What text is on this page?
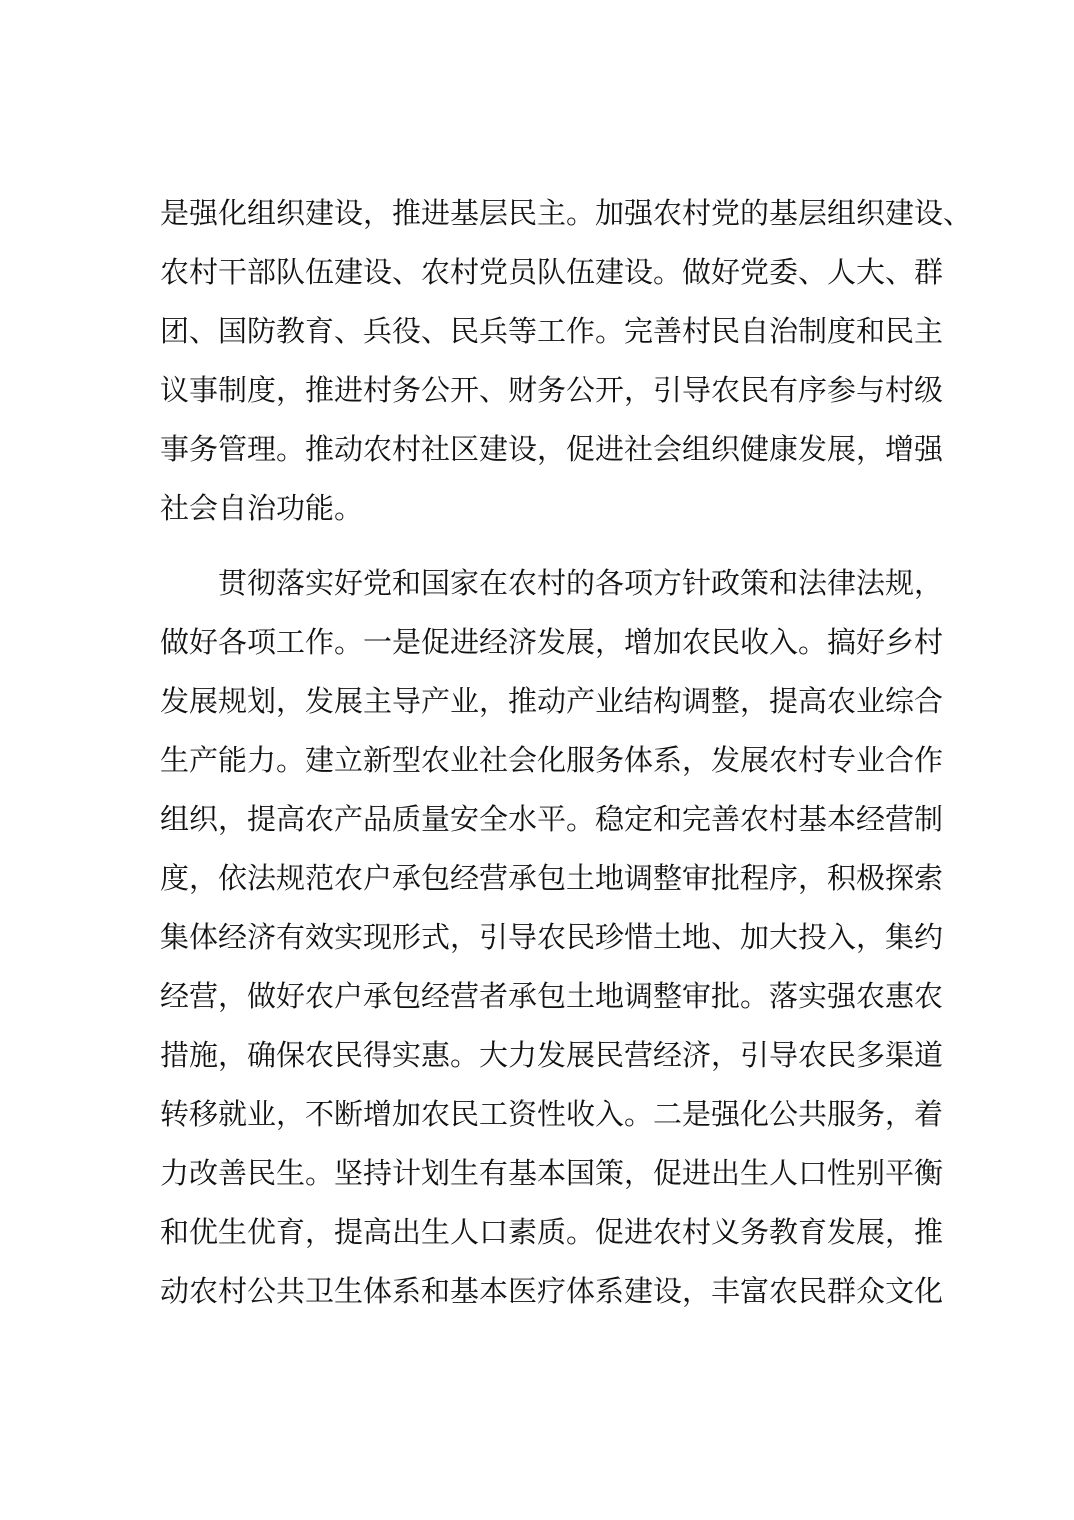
是强化组织建设，推进基层民主。加强农村党的基层组织建设、
农村干部队伍建设、农村党员队伍建设。做好党委、人大、群
团、国防教育、兵役、民兵等工作。完善村民自治制度和民主
议事制度，推进村务公开、财务公开，引导农民有序参与村级
事务管理。推动农村社区建设，促进社会组织健康发展，增强
社会自治功能。
贯彻落实好党和国家在农村的各项方针政策和法律法规，
做好各项工作。一是促进经济发展，增加农民收入。搞好乡村
发展规划，发展主导产业，推动产业结构调整，提高农业综合
生产能力。建立新型农业社会化服务体系，发展农村专业合作
组织，提高农产品质量安全水平。稳定和完善农村基本经营制
度，依法规范农户承包经营承包土地调整审批程序，积极探索
集体经济有效实现形式，引导农民珍惜土地、加大投入，集约
经营，做好农户承包经营者承包土地调整审批。落实强农惠农
措施，确保农民得实惠。大力发展民营经济，引导农民多渠道
转移就业，不断增加农民工资性收入。二是强化公共服务，着
力改善民生。坚持计划生有基本国策，促进出生人口性别平衡
和优生优育，提高出生人口素质。促进农村义务教育发展，推
动农村公共卫生体系和基本医疗体系建设，丰富农民群众文化
